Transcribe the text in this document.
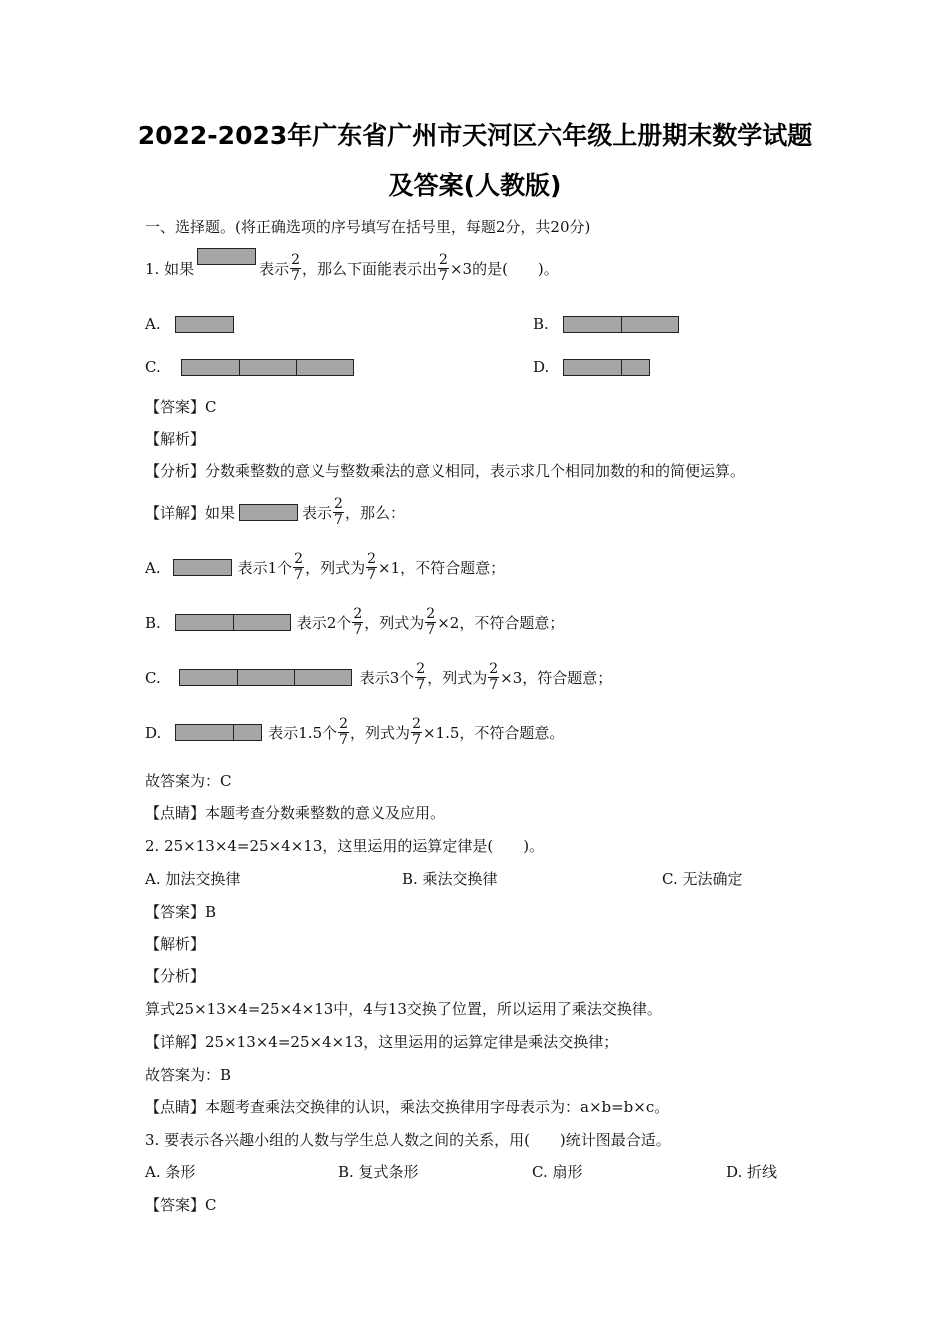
2022-2023年广东省广州市天河区六年级上册期末数学试题
及答案(人教版)
一、选择题。(将正确选项的序号填写在括号里，每题2分，共20分)
1. 如果	表示 $\frac{2}{7}$ ，那么下面能表示出 $\frac{2}{7} \times 3$的是(　　)。
A.	B.
C.	D.
【答案】C
【解析】
【分析】分数乘整数的意义与整数乘法的意义相同，表示求几个相同加数的和的简便运算。
【详解】如果	表示 $\frac{2}{7}$ ，那么：
A.	表示1个 $\frac{2}{7}$ ，列式为 $\frac{2}{7} \times 1$，不符合题意；
B.	表示2个 $\frac{2}{7}$ ，列式为 $\frac{2}{7} \times 2$，不符合题意；
C.	表示3个 $\frac{2}{7}$ ，列式为 $\frac{2}{7} \times 3$，符合题意；
D.	表示1.5个 $\frac{2}{7}$ ，列式为 $\frac{2}{7} \times 1.5$，不符合题意。
故答案为：C
【点睛】本题考查分数乘整数的意义及应用。
2. 25×13×4=25×4×13，这里运用的运算定律是(　　)。
A. 加法交换律	B. 乘法交换律	C. 无法确定
【答案】B
【解析】
【分析】
算式25×13×4=25×4×13中，4与13交换了位置，所以运用了乘法交换律。
【详解】25×13×4=25×4×13，这里运用的运算定律是乘法交换律；
故答案为：B
【点睛】本题考查乘法交换律的认识，乘法交换律用字母表示为：a×b=b×c。
3. 要表示各兴趣小组的人数与学生总人数之间的关系，用(　　)统计图最合适。
A. 条形	B. 复式条形	C. 扇形	D. 折线
【答案】C
